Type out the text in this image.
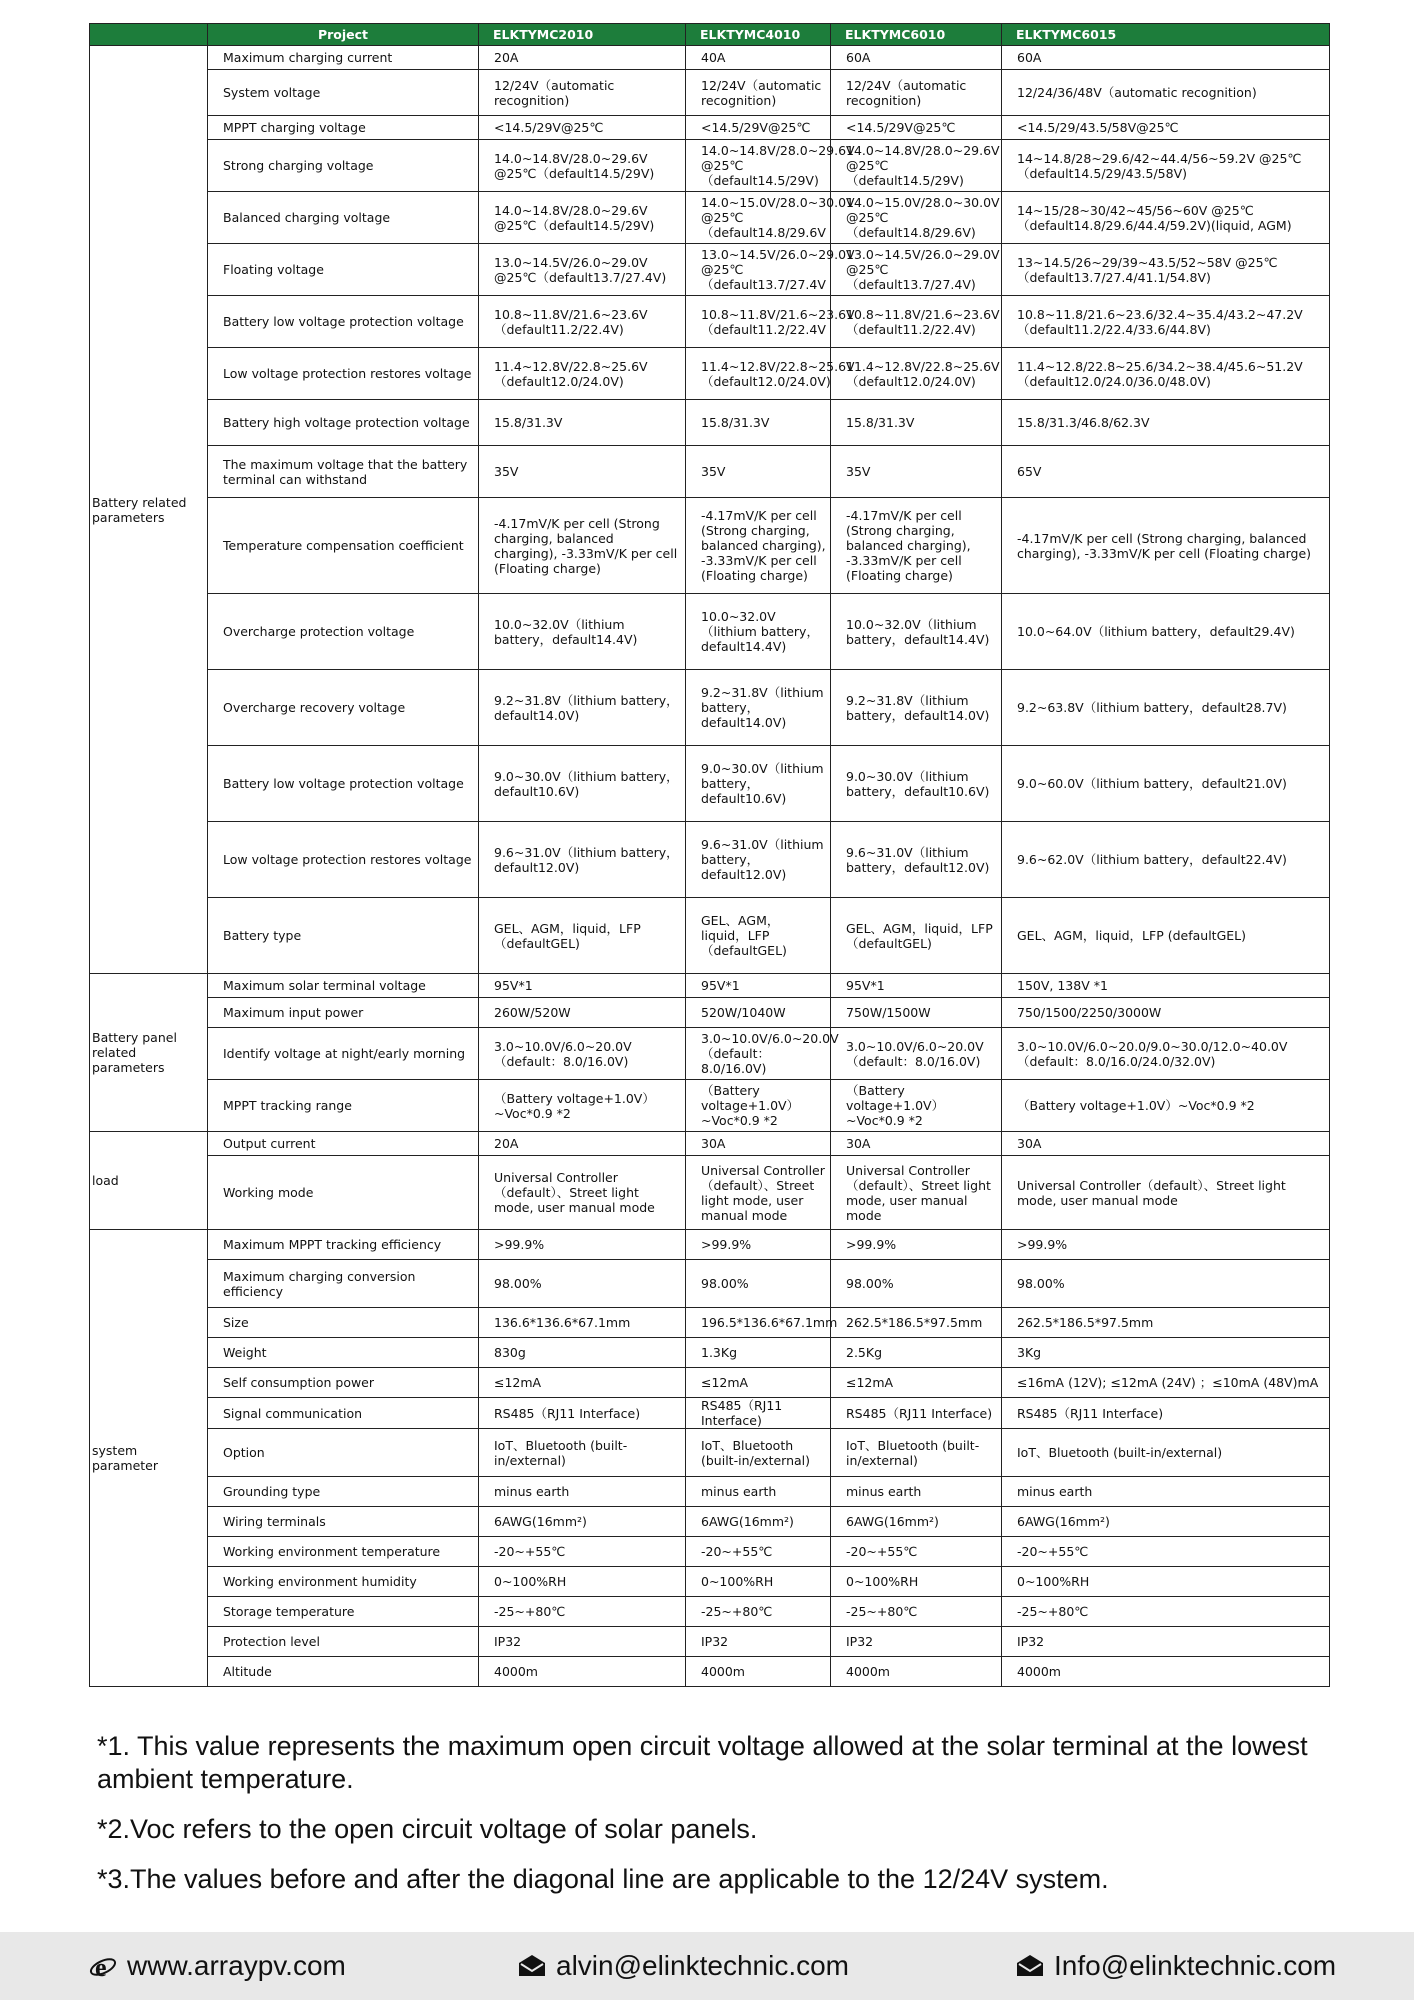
	Project	ELKTYMC2010	ELKTYMC4010	ELKTYMC6010	ELKTYMC6015
Battery related parameters	Maximum charging current	20A	40A	60A	60A
	System voltage	12/24V（automatic recognition)	12/24V（automatic recognition)	12/24V（automatic recognition)	12/24/36/48V（automatic recognition)
	MPPT charging voltage	<14.5/29V@25℃	<14.5/29V@25℃	<14.5/29V@25℃	<14.5/29/43.5/58V@25℃
	Strong charging voltage	14.0~14.8V/28.0~29.6V @25℃（default14.5/29V)	14.0~14.8V/28.0~29.6V @25℃（default14.5/29V)	14.0~14.8V/28.0~29.6V @25℃（default14.5/29V)	14~14.8/28~29.6/42~44.4/56~59.2V @25℃（default14.5/29/43.5/58V)
	Balanced charging voltage	14.0~14.8V/28.0~29.6V @25℃（default14.5/29V)	14.0~15.0V/28.0~30.0V @25℃（default14.8/29.6V	14.0~15.0V/28.0~30.0V @25℃（default14.8/29.6V)	14~15/28~30/42~45/56~60V @25℃（default14.8/29.6/44.4/59.2V)(liquid, AGM)
	Floating voltage	13.0~14.5V/26.0~29.0V @25℃（default13.7/27.4V)	13.0~14.5V/26.0~29.0V @25℃（default13.7/27.4V	13.0~14.5V/26.0~29.0V @25℃（default13.7/27.4V)	13~14.5/26~29/39~43.5/52~58V @25℃（default13.7/27.4/41.1/54.8V)
	Battery low voltage protection voltage	10.8~11.8V/21.6~23.6V（default11.2/22.4V)	10.8~11.8V/21.6~23.6V（default11.2/22.4V	10.8~11.8V/21.6~23.6V（default11.2/22.4V)	10.8~11.8/21.6~23.6/32.4~35.4/43.2~47.2V（default11.2/22.4/33.6/44.8V)
	Low voltage protection restores voltage	11.4~12.8V/22.8~25.6V（default12.0/24.0V)	11.4~12.8V/22.8~25.6V（default12.0/24.0V)	11.4~12.8V/22.8~25.6V（default12.0/24.0V)	11.4~12.8/22.8~25.6/34.2~38.4/45.6~51.2V（default12.0/24.0/36.0/48.0V)
	Battery high voltage protection voltage	15.8/31.3V	15.8/31.3V	15.8/31.3V	15.8/31.3/46.8/62.3V
	The maximum voltage that the battery terminal can withstand	35V	35V	35V	65V
	Temperature compensation coefficient	-4.17mV/K per cell (Strong charging, balanced charging), -3.33mV/K per cell (Floating charge)	-4.17mV/K per cell (Strong charging, balanced charging), -3.33mV/K per cell (Floating charge)	-4.17mV/K per cell (Strong charging, balanced charging), -3.33mV/K per cell (Floating charge)	-4.17mV/K per cell (Strong charging, balanced charging), -3.33mV/K per cell (Floating charge)
	Overcharge protection voltage	10.0~32.0V（lithium battery，default14.4V)	10.0~32.0V（lithium battery，default14.4V)	10.0~32.0V（lithium battery，default14.4V)	10.0~64.0V（lithium battery，default29.4V)
	Overcharge recovery voltage	9.2~31.8V（lithium battery，default14.0V)	9.2~31.8V（lithium battery，default14.0V)	9.2~31.8V（lithium battery，default14.0V)	9.2~63.8V（lithium battery，default28.7V)
	Battery low voltage protection voltage	9.0~30.0V（lithium battery，default10.6V)	9.0~30.0V（lithium battery，default10.6V)	9.0~30.0V（lithium battery，default10.6V)	9.0~60.0V（lithium battery，default21.0V)
	Low voltage protection restores voltage	9.6~31.0V（lithium battery，default12.0V)	9.6~31.0V（lithium battery，default12.0V)	9.6~31.0V（lithium battery，default12.0V)	9.6~62.0V（lithium battery，default22.4V)
	Battery type	GEL、AGM，liquid，LFP（defaultGEL)	GEL、AGM，liquid，LFP（defaultGEL)	GEL、AGM，liquid，LFP（defaultGEL)	GEL、AGM，liquid，LFP (defaultGEL)
Battery panel related parameters	Maximum solar terminal voltage	95V*1	95V*1	95V*1	150V, 138V *1
	Maximum input power	260W/520W	520W/1040W	750W/1500W	750/1500/2250/3000W
	Identify voltage at night/early morning	3.0~10.0V/6.0~20.0V（default：8.0/16.0V)	3.0~10.0V/6.0~20.0V（default：8.0/16.0V)	3.0~10.0V/6.0~20.0V（default：8.0/16.0V)	3.0~10.0V/6.0~20.0/9.0~30.0/12.0~40.0V（default：8.0/16.0/24.0/32.0V)
	MPPT tracking range	（Battery voltage+1.0V）~Voc*0.9 *2	（Battery voltage+1.0V）~Voc*0.9 *2	（Battery voltage+1.0V）~Voc*0.9 *2	（Battery voltage+1.0V）~Voc*0.9 *2
load	Output current	20A	30A	30A	30A
	Working mode	Universal Controller（default）、Street light mode, user manual mode	Universal Controller（default）、Street light mode, user manual mode	Universal Controller（default）、Street light mode, user manual mode	Universal Controller（default）、Street light mode, user manual mode
system parameter	Maximum MPPT tracking efficiency	>99.9%	>99.9%	>99.9%	>99.9%
	Maximum charging conversion efficiency	98.00%	98.00%	98.00%	98.00%
	Size	136.6*136.6*67.1mm	196.5*136.6*67.1mm	262.5*186.5*97.5mm	262.5*186.5*97.5mm
	Weight	830g	1.3Kg	2.5Kg	3Kg
	Self consumption power	≤12mA	≤12mA	≤12mA	≤16mA (12V); ≤12mA (24V) ；≤10mA (48V)mA
	Signal communication	RS485（RJ11 Interface)	RS485（RJ11 Interface)	RS485（RJ11 Interface)	RS485（RJ11 Interface)
	Option	IoT、Bluetooth (built-in/external)	IoT、Bluetooth (built-in/external)	IoT、Bluetooth (built-in/external)	IoT、Bluetooth (built-in/external)
	Grounding type	minus earth	minus earth	minus earth	minus earth
	Wiring terminals	6AWG(16mm²)	6AWG(16mm²)	6AWG(16mm²)	6AWG(16mm²)
	Working environment temperature	-20~+55℃	-20~+55℃	-20~+55℃	-20~+55℃
	Working environment humidity	0~100%RH	0~100%RH	0~100%RH	0~100%RH
	Storage temperature	-25~+80℃	-25~+80℃	-25~+80℃	-25~+80℃
	Protection level	IP32	IP32	IP32	IP32
	Altitude	4000m	4000m	4000m	4000m

*1. This value represents the maximum open circuit voltage allowed at the solar terminal at the lowest ambient temperature.

*2.Voc refers to the open circuit voltage of solar panels.

*3.The values before and after the diagonal line are applicable to the 12/24V system.

e www.arraypv.com	alvin@elinktechnic.com	Info@elinktechnic.com
